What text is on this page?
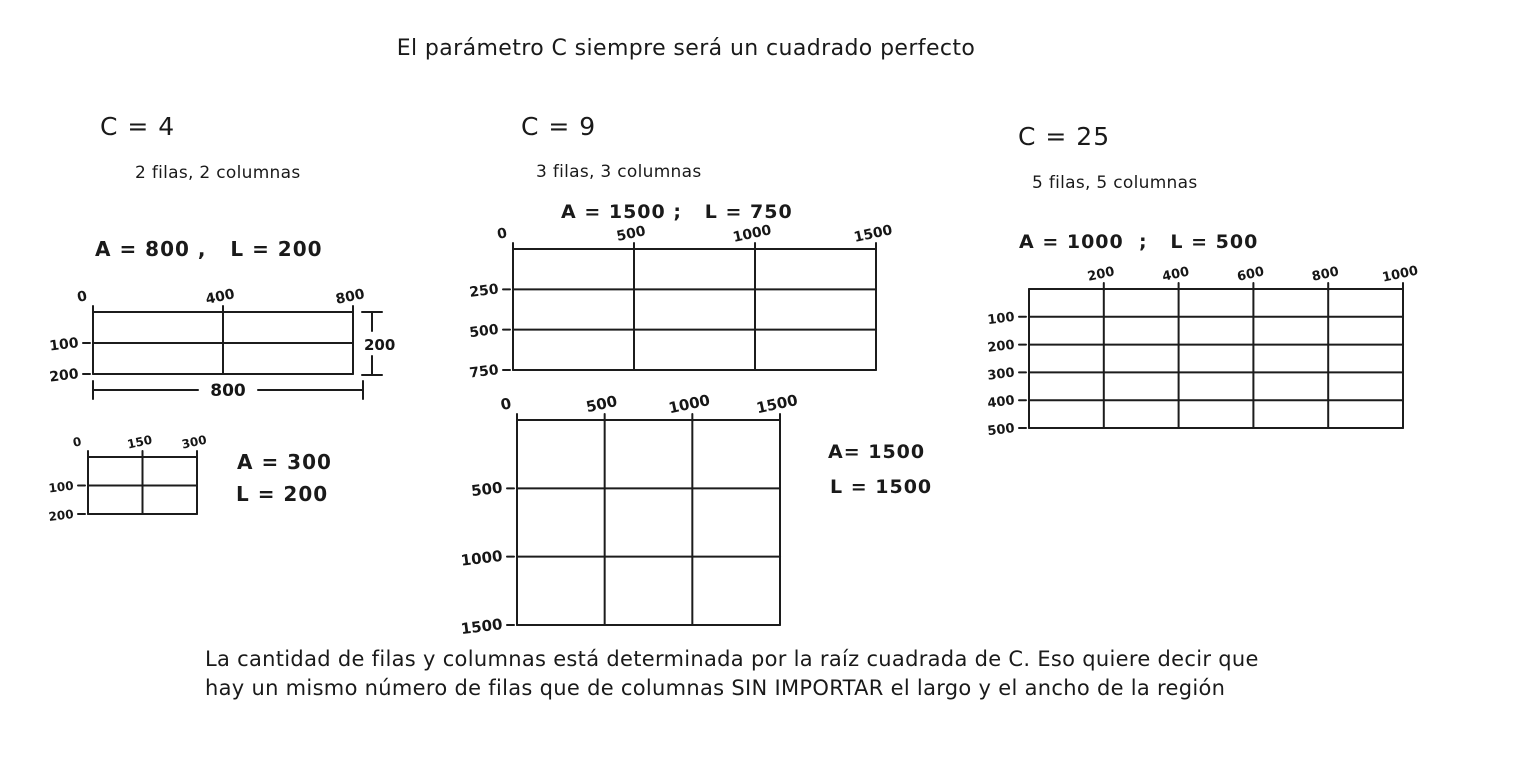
El parámetro C siempre será un cuadrado perfecto
C = 4
2 filas, 2 columnas
A = 800 ,   L = 200
800
200
A = 300
L = 200
C = 9
3 filas, 3 columnas
A = 1500 ;   L = 750
A= 1500
L = 1500
C = 25
5 filas, 5 columnas
A = 1000  ;   L = 500
La cantidad de filas y columnas está determinada por la raíz cuadrada de C. Eso quiere decir que
hay un mismo número de filas que de columnas SIN IMPORTAR el largo y el ancho de la región
0	400	800
100
200
0	150 300
100
200
0	500	1000	1500
250
500
750
0	500	1000	1500
500
1000
1500
200	400	600	800	1000
100
200
300
400
500
